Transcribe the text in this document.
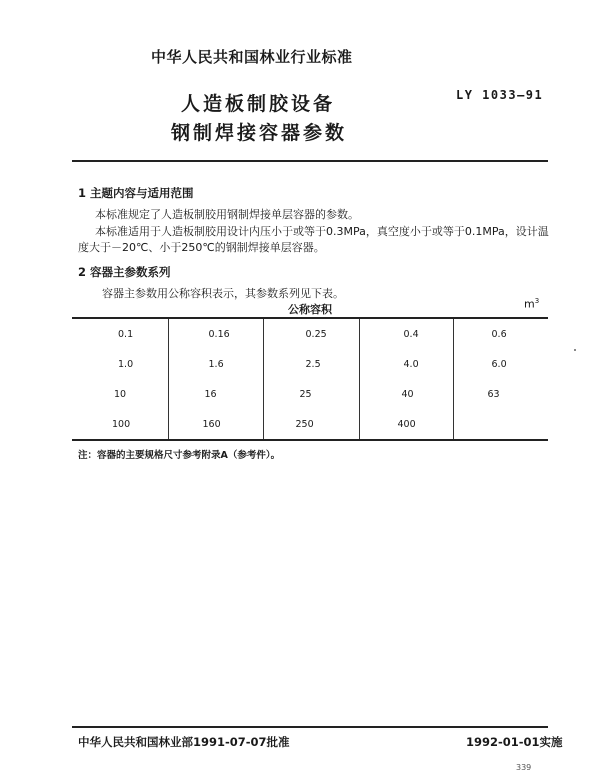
中华人民共和国林业行业标准
人造板制胶设备
钢制焊接容器参数
LY 1033—91
1 主题内容与适用范围
本标准规定了人造板制胶用钢制焊接单层容器的参数。
本标准适用于人造板制胶用设计内压小于或等于0.3MPa，真空度小于或等于0.1MPa，设计温
度大于－20℃、小于250℃的钢制焊接单层容器。
2 容器主参数系列
容器主参数用公称容积表示，其参数系列见下表。
公称容积	$m^3$
0.1	0.16	0.25	0.4	0.6
1.0	1.6	2.5	4.0	6.0
10	16	25	40	63
100	160	250	400	
注：容器的主要规格尺寸参考附录A（参考件）。
中华人民共和国林业部1991-07-07批准	1992-01-01实施
339
